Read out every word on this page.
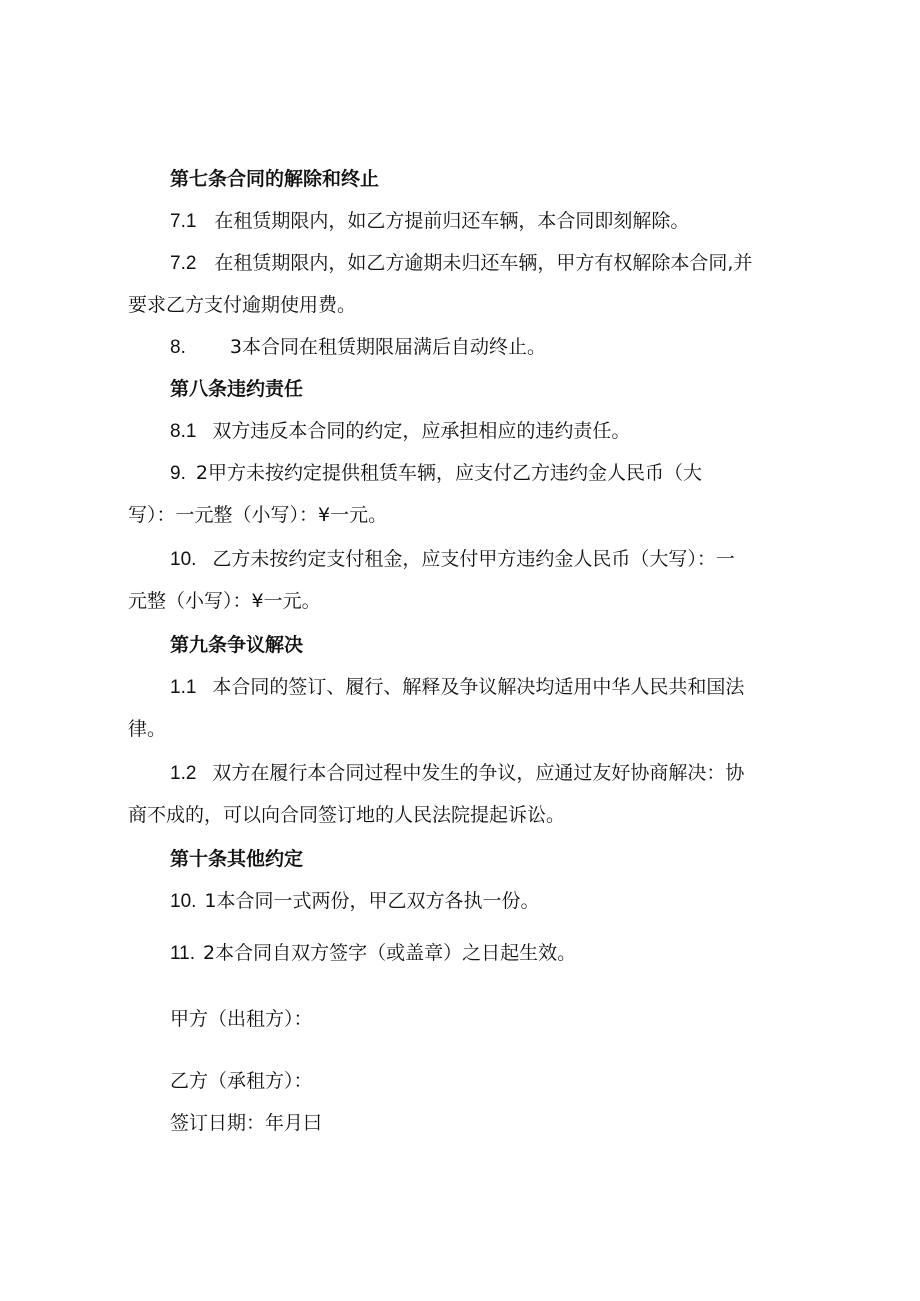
第七条合同的解除和终止
7.1 在租赁期限内，如乙方提前归还车辆，本合同即刻解除。
7.2 在租赁期限内，如乙方逾期未归还车辆，甲方有权解除本合同,并
要求乙方支付逾期使用费。
8. 3本合同在租赁期限届满后自动终止。
第八条违约责任
8.1 双方违反本合同的约定，应承担相应的违约责任。
9. 2甲方未按约定提供租赁车辆，应支付乙方违约金人民币（大
写）：一元整（小写）：¥一元。
10. 乙方未按约定支付租金，应支付甲方违约金人民币（大写）：一
元整（小写）：¥一元。
第九条争议解决
1.1 本合同的签订、履行、解释及争议解决均适用中华人民共和国法
律。
1.2 双方在履行本合同过程中发生的争议，应通过友好协商解决：协
商不成的，可以向合同签订地的人民法院提起诉讼。
第十条其他约定
10. 1本合同一式两份，甲乙双方各执一份。
11. 2本合同自双方签字（或盖章）之日起生效。
甲方（出租方）：
乙方（承租方）：
签订日期：年月曰
